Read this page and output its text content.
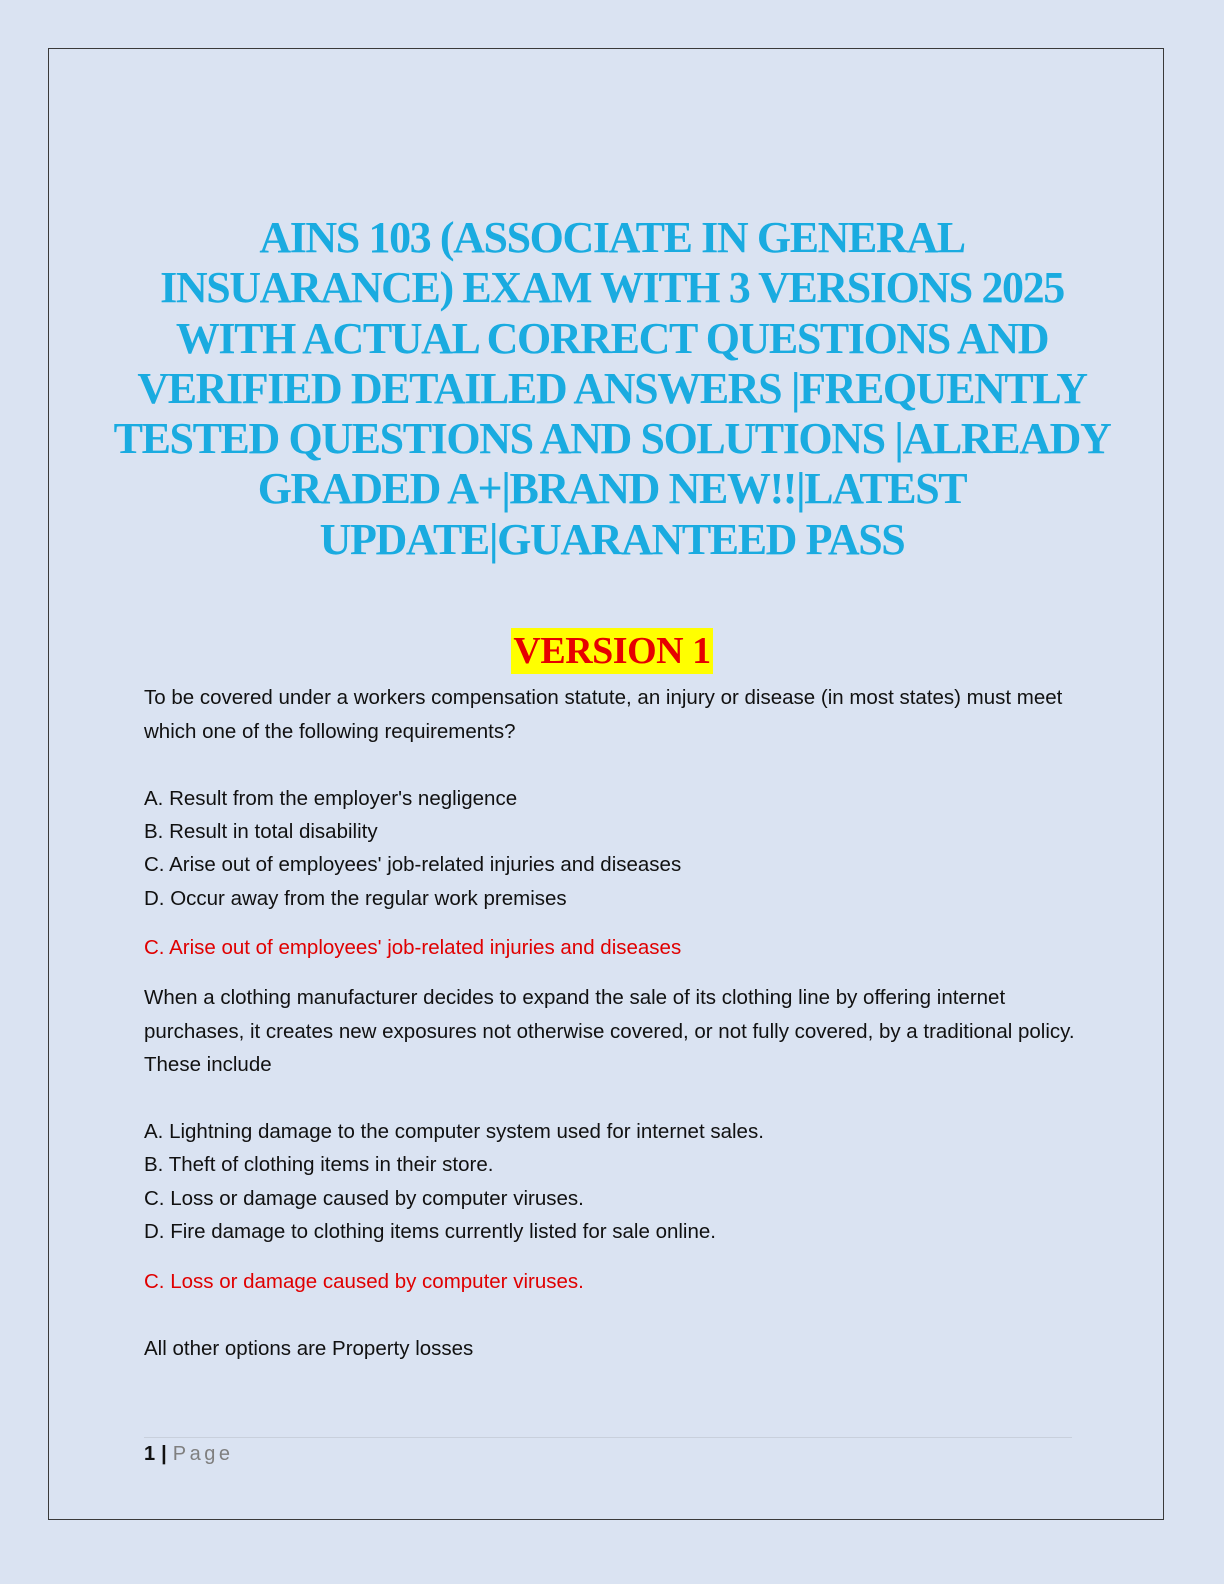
AINS 103 (ASSOCIATE IN GENERAL INSUARANCE) EXAM WITH 3 VERSIONS 2025 WITH ACTUAL CORRECT QUESTIONS AND VERIFIED DETAILED ANSWERS |FREQUENTLY TESTED QUESTIONS AND SOLUTIONS |ALREADY GRADED A+|BRAND NEW!!|LATEST UPDATE|GUARANTEED PASS
VERSION 1

To be covered under a workers compensation statute, an injury or disease (in most states) must meet which one of the following requirements?

A. Result from the employer's negligence
B. Result in total disability
C. Arise out of employees' job-related injuries and diseases
D. Occur away from the regular work premises
C. Arise out of employees' job-related injuries and diseases

When a clothing manufacturer decides to expand the sale of its clothing line by offering internet purchases, it creates new exposures not otherwise covered, or not fully covered, by a traditional policy. These include

A. Lightning damage to the computer system used for internet sales.
B. Theft of clothing items in their store.
C. Loss or damage caused by computer viruses.
D. Fire damage to clothing items currently listed for sale online.
C. Loss or damage caused by computer viruses.
All other options are Property losses
1 | Page
